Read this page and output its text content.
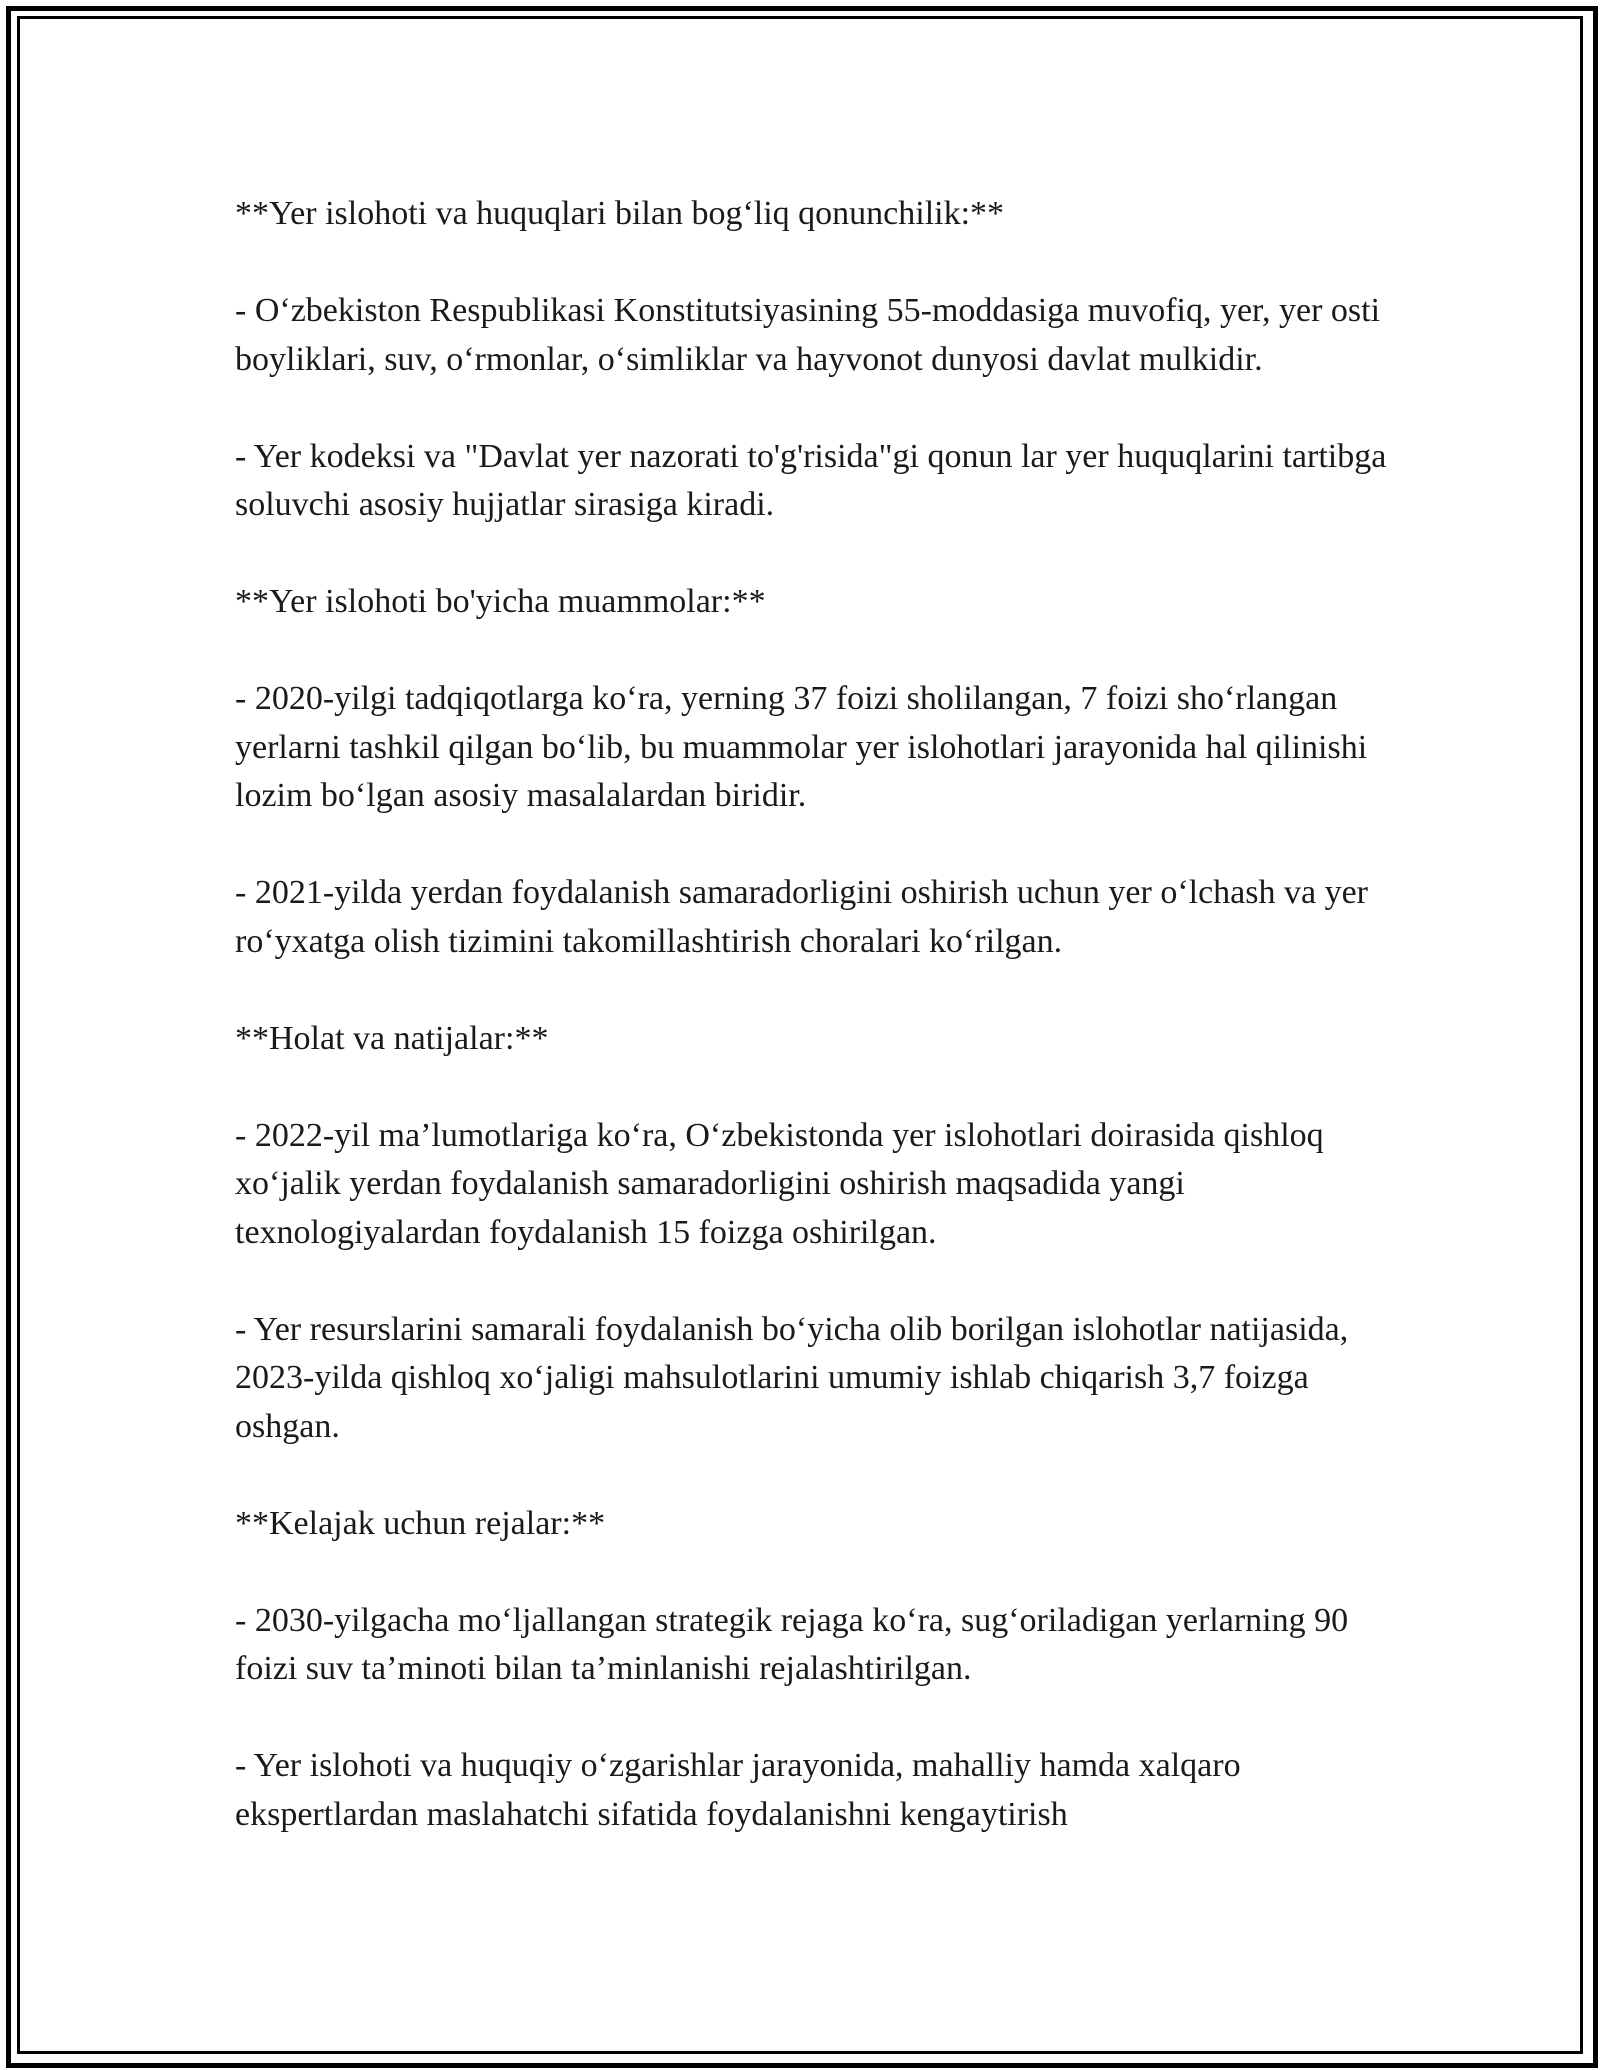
**Yer islohoti va huquqlari bilan bog‘liq qonunchilik:**

- O‘zbekiston Respublikasi Konstitutsiyasining 55-moddasiga muvofiq, yer, yer osti boyliklari, suv, o‘rmonlar, o‘simliklar va hayvonot dunyosi davlat mulkidir.

- Yer kodeksi va "Davlat yer nazorati to'g'risida"gi qonun lar yer huquqlarini tartibga soluvchi asosiy hujjatlar sirasiga kiradi.

**Yer islohoti bo'yicha muammolar:**

- 2020-yilgi tadqiqotlarga ko‘ra, yerning 37 foizi sholilangan, 7 foizi sho‘rlangan yerlarni tashkil qilgan bo‘lib, bu muammolar yer islohotlari jarayonida hal qilinishi lozim bo‘lgan asosiy masalalardan biridir.

- 2021-yilda yerdan foydalanish samaradorligini oshirish uchun yer o‘lchash va yer ro‘yxatga olish tizimini takomillashtirish choralari ko‘rilgan.

**Holat va natijalar:**

- 2022-yil ma’lumotlariga ko‘ra, O‘zbekistonda yer islohotlari doirasida qishloq xo‘jalik yerdan foydalanish samaradorligini oshirish maqsadida yangi texnologiyalardan foydalanish 15 foizga oshirilgan.

- Yer resurslarini samarali foydalanish bo‘yicha olib borilgan islohotlar natijasida, 2023-yilda qishloq xo‘jaligi mahsulotlarini umumiy ishlab chiqarish 3,7 foizga oshgan.

**Kelajak uchun rejalar:**

- 2030-yilgacha mo‘ljallangan strategik rejaga ko‘ra, sug‘oriladigan yerlarning 90 foizi suv ta’minoti bilan ta’minlanishi rejalashtirilgan.

- Yer islohoti va huquqiy o‘zgarishlar jarayonida, mahalliy hamda xalqaro ekspertlardan maslahatchi sifatida foydalanishni kengaytirish
